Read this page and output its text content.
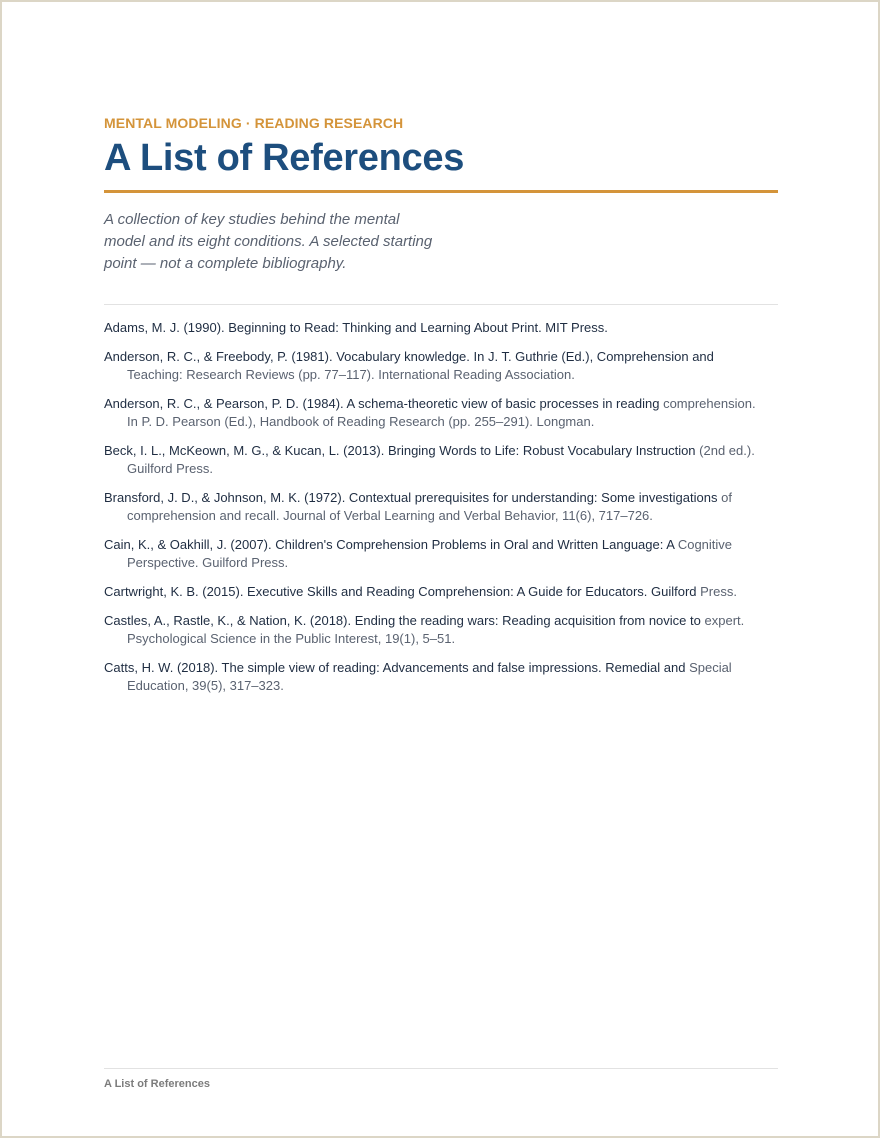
MENTAL MODELING · READING RESEARCH
A List of References
A collection of key studies behind the mental model and its eight conditions. A selected starting point — not a complete bibliography.
Adams, M. J. (1990). Beginning to Read: Thinking and Learning About Print. MIT Press.
Anderson, R. C., & Freebody, P. (1981). Vocabulary knowledge. In J. T. Guthrie (Ed.), Comprehension and Teaching: Research Reviews (pp. 77–117). International Reading Association.
Anderson, R. C., & Pearson, P. D. (1984). A schema-theoretic view of basic processes in reading comprehension. In P. D. Pearson (Ed.), Handbook of Reading Research (pp. 255–291). Longman.
Beck, I. L., McKeown, M. G., & Kucan, L. (2013). Bringing Words to Life: Robust Vocabulary Instruction (2nd ed.). Guilford Press.
Bransford, J. D., & Johnson, M. K. (1972). Contextual prerequisites for understanding: Some investigations of comprehension and recall. Journal of Verbal Learning and Verbal Behavior, 11(6), 717–726.
Cain, K., & Oakhill, J. (2007). Children's Comprehension Problems in Oral and Written Language: A Cognitive Perspective. Guilford Press.
Cartwright, K. B. (2015). Executive Skills and Reading Comprehension: A Guide for Educators. Guilford Press.
Castles, A., Rastle, K., & Nation, K. (2018). Ending the reading wars: Reading acquisition from novice to expert. Psychological Science in the Public Interest, 19(1), 5–51.
Catts, H. W. (2018). The simple view of reading: Advancements and false impressions. Remedial and Special Education, 39(5), 317–323.
A List of References
